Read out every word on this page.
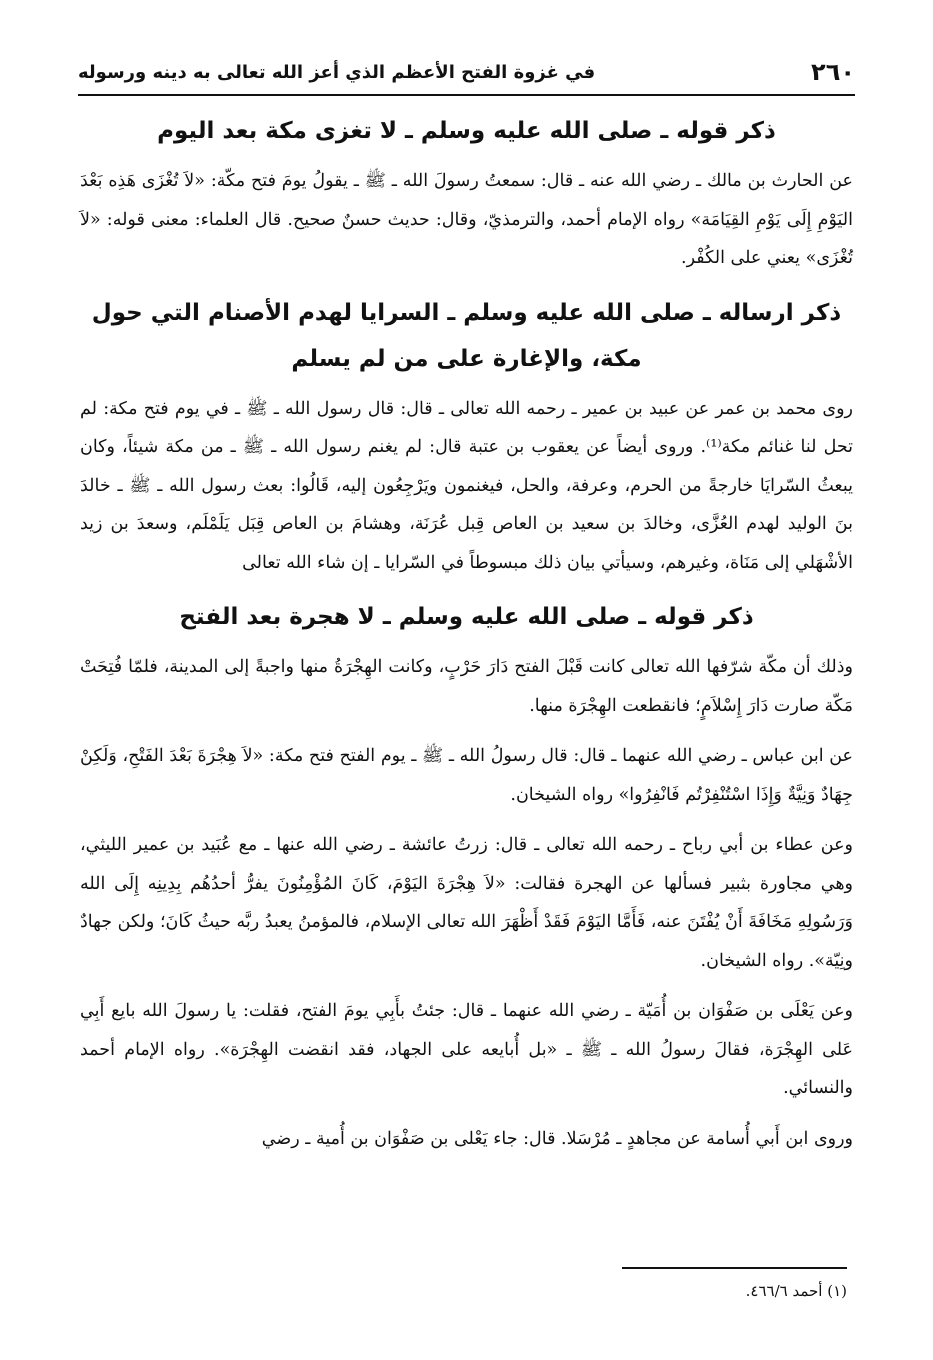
٢٦٠
في غزوة الفتح الأعظم الذي أعز الله تعالى به دينه ورسوله
ذكر قوله ـ صلى الله عليه وسلم ـ لا تغزى مكة بعد اليوم

عن الحارث بن مالك ـ رضي الله عنه ـ قال: سمعتُ رسولَ الله ـ ﷺ ـ يقولُ يومَ فتح مكّة: «لاَ تُغْزَى هَذِه بَعْدَ اليَوْمِ إِلَى يَوْمِ القِيَامَة» رواه الإمام أحمد، والترمذيّ، وقال: حديث حسنٌ صحيح. قال العلماء: معنى قوله: «لاَ تُغْزَى» يعني على الكُفْر.

ذكر ارساله ـ صلى الله عليه وسلم ـ السرايا لهدم الأصنام التي حول مكة، والإغارة على من لم يسلم

روى محمد بن عمر عن عبيد بن عمير ـ رحمه الله تعالى ـ قال: قال رسول الله ـ ﷺ ـ في يوم فتح مكة: لم تحل لنا غنائم مكة⁽¹⁾. وروى أيضاً عن يعقوب بن عتبة قال: لم يغنم رسول الله ـ ﷺ ـ من مكة شيئاً، وكان يبعثُ السّرايَا خارجةً من الحرم، وعرفة، والحل، فيغنمون ويَرْجِعُون إليه، قَالُوا: بعث رسول الله ـ ﷺ ـ خالدَ بنَ الوليد لهدم العُزَّى، وخالدَ بن سعيد بن العاص قِبل عُرَنَة، وهشامَ بن العاص قِبَل يَلَمْلَم، وسعدَ بن زيد الأشْهَلي إلى مَنَاة، وغيرهم، وسيأتي بيان ذلك مبسوطاً في السّرايا ـ إن شاء الله تعالى

ذكر قوله ـ صلى الله عليه وسلم ـ لا هجرة بعد الفتح

وذلك أن مكّة شرّفها الله تعالى كانت قَبْلَ الفتح دَارَ حَرْبٍ، وكانت الهِجْرَةُ منها واجبةً إلى المدينة، فلمّا فُتِحَتْ مَكّة صارت دَارَ إِسْلاَمٍ؛ فانقطعت الهِجْرَة منها.

عن ابن عباس ـ رضي الله عنهما ـ قال: قال رسولُ الله ـ ﷺ ـ يوم الفتح فتح مكة: «لاَ هِجْرَةَ بَعْدَ الفَتْحِ، وَلَكِنْ جِهَادٌ وَنِيَّةٌ وَإِذَا اسْتُنْفِرْتُم فَانْفِرُوا» رواه الشيخان.

وعن عطاء بن أبي رباح ـ رحمه الله تعالى ـ قال: زرتُ عائشة ـ رضي الله عنها ـ مع عُبَيد بن عمير الليثي، وهي مجاورة بثبير فسألها عن الهجرة فقالت: «لاَ هِجْرَةَ اليَوْمَ، كَانَ المُؤْمِنُونَ يفرُّ أحدُهُم بِدِينِه إِلَى الله وَرَسُولِهِ مَخَافَةَ أَنْ يُفْتَنَ عنه، فَأَمَّا اليَوْمَ فَقَدْ أَظْهَرَ الله تعالى الإسلام، فالمؤمنُ يعبدُ ربَّه حيثُ كَانَ؛ ولكن جهادٌ ونِيّة». رواه الشيخان.

وعن يَعْلَى بن صَفْوَان بن أُمَيّة ـ رضي الله عنهما ـ قال: جئتُ بأَبِي يومَ الفتح، فقلت: يا رسولَ الله بايع أَبِي عَلى الهِجْرَة، فقالَ رسولُ الله ـ ﷺ ـ «بل أُبايعه على الجهاد، فقد انقضت الهِجْرَة». رواه الإمام أحمد والنسائي.

وروى ابن أَبي أُسامة عن مجاهدٍ ـ مُرْسَلا. قال: جاء يَعْلى بن صَفْوَان بن أُمية ـ رضي

(١) أحمد ٤٦٦/٦.
